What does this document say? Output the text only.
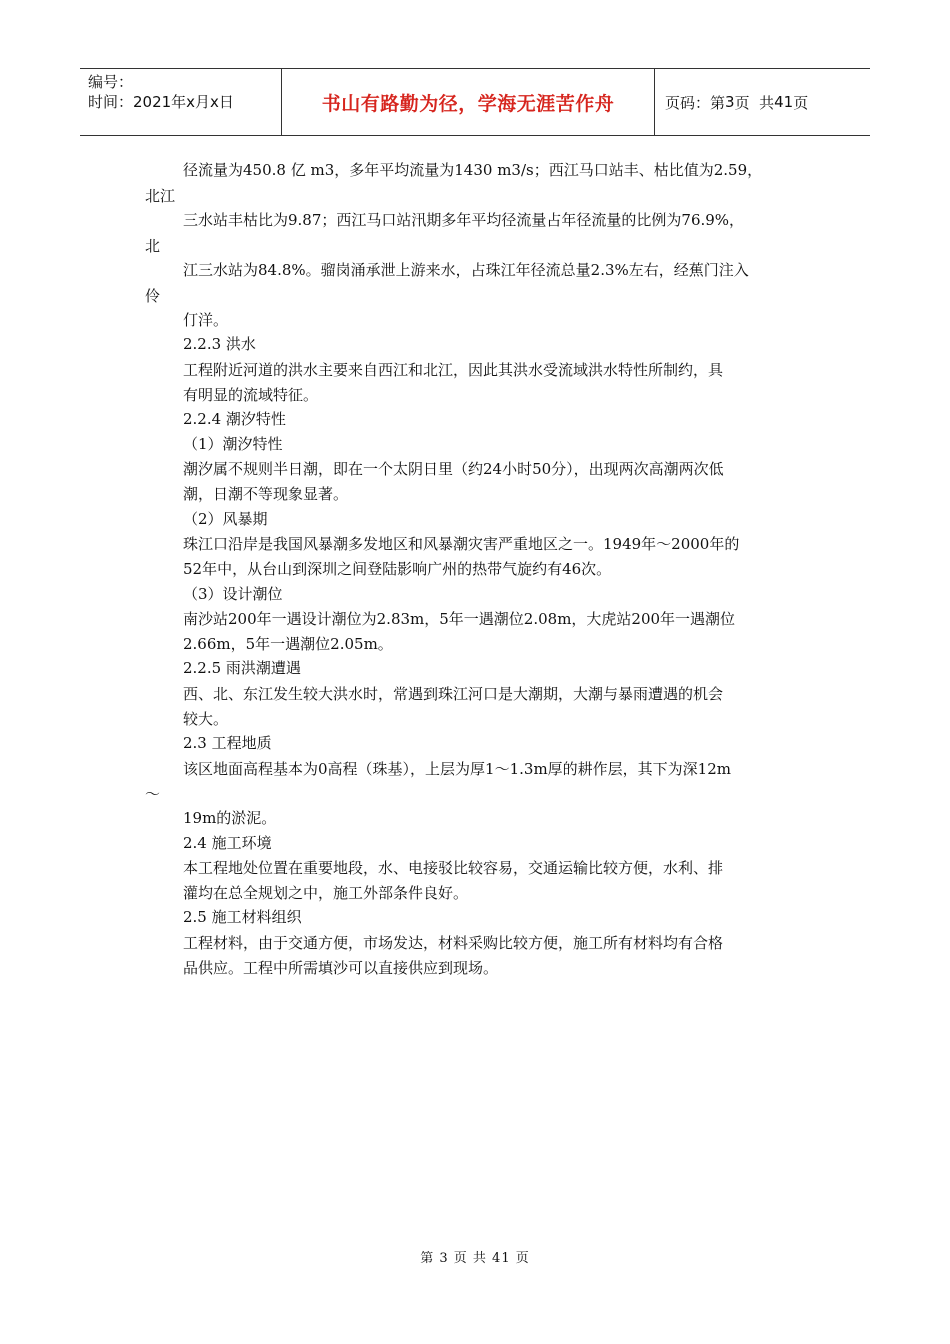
编号：
时间：2021年x月x日	书山有路勤为径，学海无涯苦作舟	页码：第 3 页  共 41 页
径流量为450.8 亿 m3，多年平均流量为1430 m3/s；西江马口站丰、枯比值为2.59，
北江
三水站丰枯比为9.87；西江马口站汛期多年平均径流量占年径流量的比例为76.9%，
北
江三水站为84.8%。骝岗涌承泄上游来水，占珠江年径流总量2.3%左右，经蕉门注入
伶
仃洋。
2.2.3 洪水
工程附近河道的洪水主要来自西江和北江，因此其洪水受流域洪水特性所制约，具
有明显的流域特征。
2.2.4 潮汐特性
（1）潮汐特性
潮汐属不规则半日潮，即在一个太阴日里（约24小时50分），出现两次高潮两次低
潮，日潮不等现象显著。
（2）风暴期
珠江口沿岸是我国风暴潮多发地区和风暴潮灾害严重地区之一。1949年～2000年的
52年中，从台山到深圳之间登陆影响广州的热带气旋约有46次。
（3）设计潮位
南沙站200年一遇设计潮位为2.83m，5年一遇潮位2.08m，大虎站200年一遇潮位
2.66m，5年一遇潮位2.05m。
2.2.5 雨洪潮遭遇
西、北、东江发生较大洪水时，常遇到珠江河口是大潮期，大潮与暴雨遭遇的机会
较大。
2.3 工程地质
该区地面高程基本为0高程（珠基），上层为厚1～1.3m厚的耕作层，其下为深12m
～
19m的淤泥。
2.4 施工环境
本工程地处位置在重要地段，水、电接驳比较容易，交通运输比较方便，水利、排
灌均在总全规划之中，施工外部条件良好。
2.5 施工材料组织
工程材料，由于交通方便，市场发达，材料采购比较方便，施工所有材料均有合格
品供应。工程中所需填沙可以直接供应到现场。
第 3 页 共 41 页
